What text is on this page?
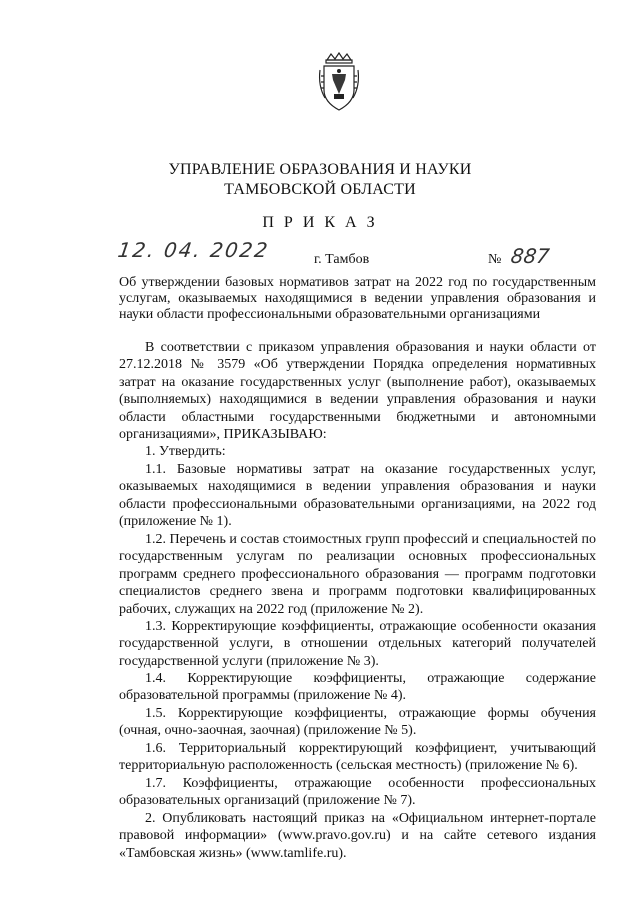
УПРАВЛЕНИЕ ОБРАЗОВАНИЯ И НАУКИ
ТАМБОВСКОЙ ОБЛАСТИ
П Р И К А З
12. 04. 2022	г. Тамбов	№ 887
Об утверждении базовых нормативов затрат на 2022 год по государственным услугам, оказываемых находящимися в ведении управления образования и науки области профессиональными образовательными организациями
В соответствии с приказом управления образования и науки области от 27.12.2018 № 3579 «Об утверждении Порядка определения нормативных затрат на оказание государственных услуг (выполнение работ), оказываемых (выполняемых) находящимися в ведении управления образования и науки области областными государственными бюджетными и автономными организациями», ПРИКАЗЫВАЮ:
1. Утвердить:
1.1. Базовые нормативы затрат на оказание государственных услуг, оказываемых находящимися в ведении управления образования и науки области профессиональными образовательными организациями, на 2022 год (приложение № 1).
1.2. Перечень и состав стоимостных групп профессий и специальностей по государственным услугам по реализации основных профессиональных программ среднего профессионального образования — программ подготовки специалистов среднего звена и программ подготовки квалифицированных рабочих, служащих на 2022 год (приложение № 2).
1.3. Корректирующие коэффициенты, отражающие особенности оказания государственной услуги, в отношении отдельных категорий получателей государственной услуги (приложение № 3).
1.4. Корректирующие коэффициенты, отражающие содержание образовательной программы (приложение № 4).
1.5. Корректирующие коэффициенты, отражающие формы обучения (очная, очно-заочная, заочная) (приложение № 5).
1.6. Территориальный корректирующий коэффициент, учитывающий территориальную расположенность (сельская местность) (приложение № 6).
1.7. Коэффициенты, отражающие особенности профессиональных образовательных организаций (приложение № 7).
2. Опубликовать настоящий приказ на «Официальном интернет-портале правовой информации» (www.pravo.gov.ru) и на сайте сетевого издания «Тамбовская жизнь» (www.tamlife.ru).
